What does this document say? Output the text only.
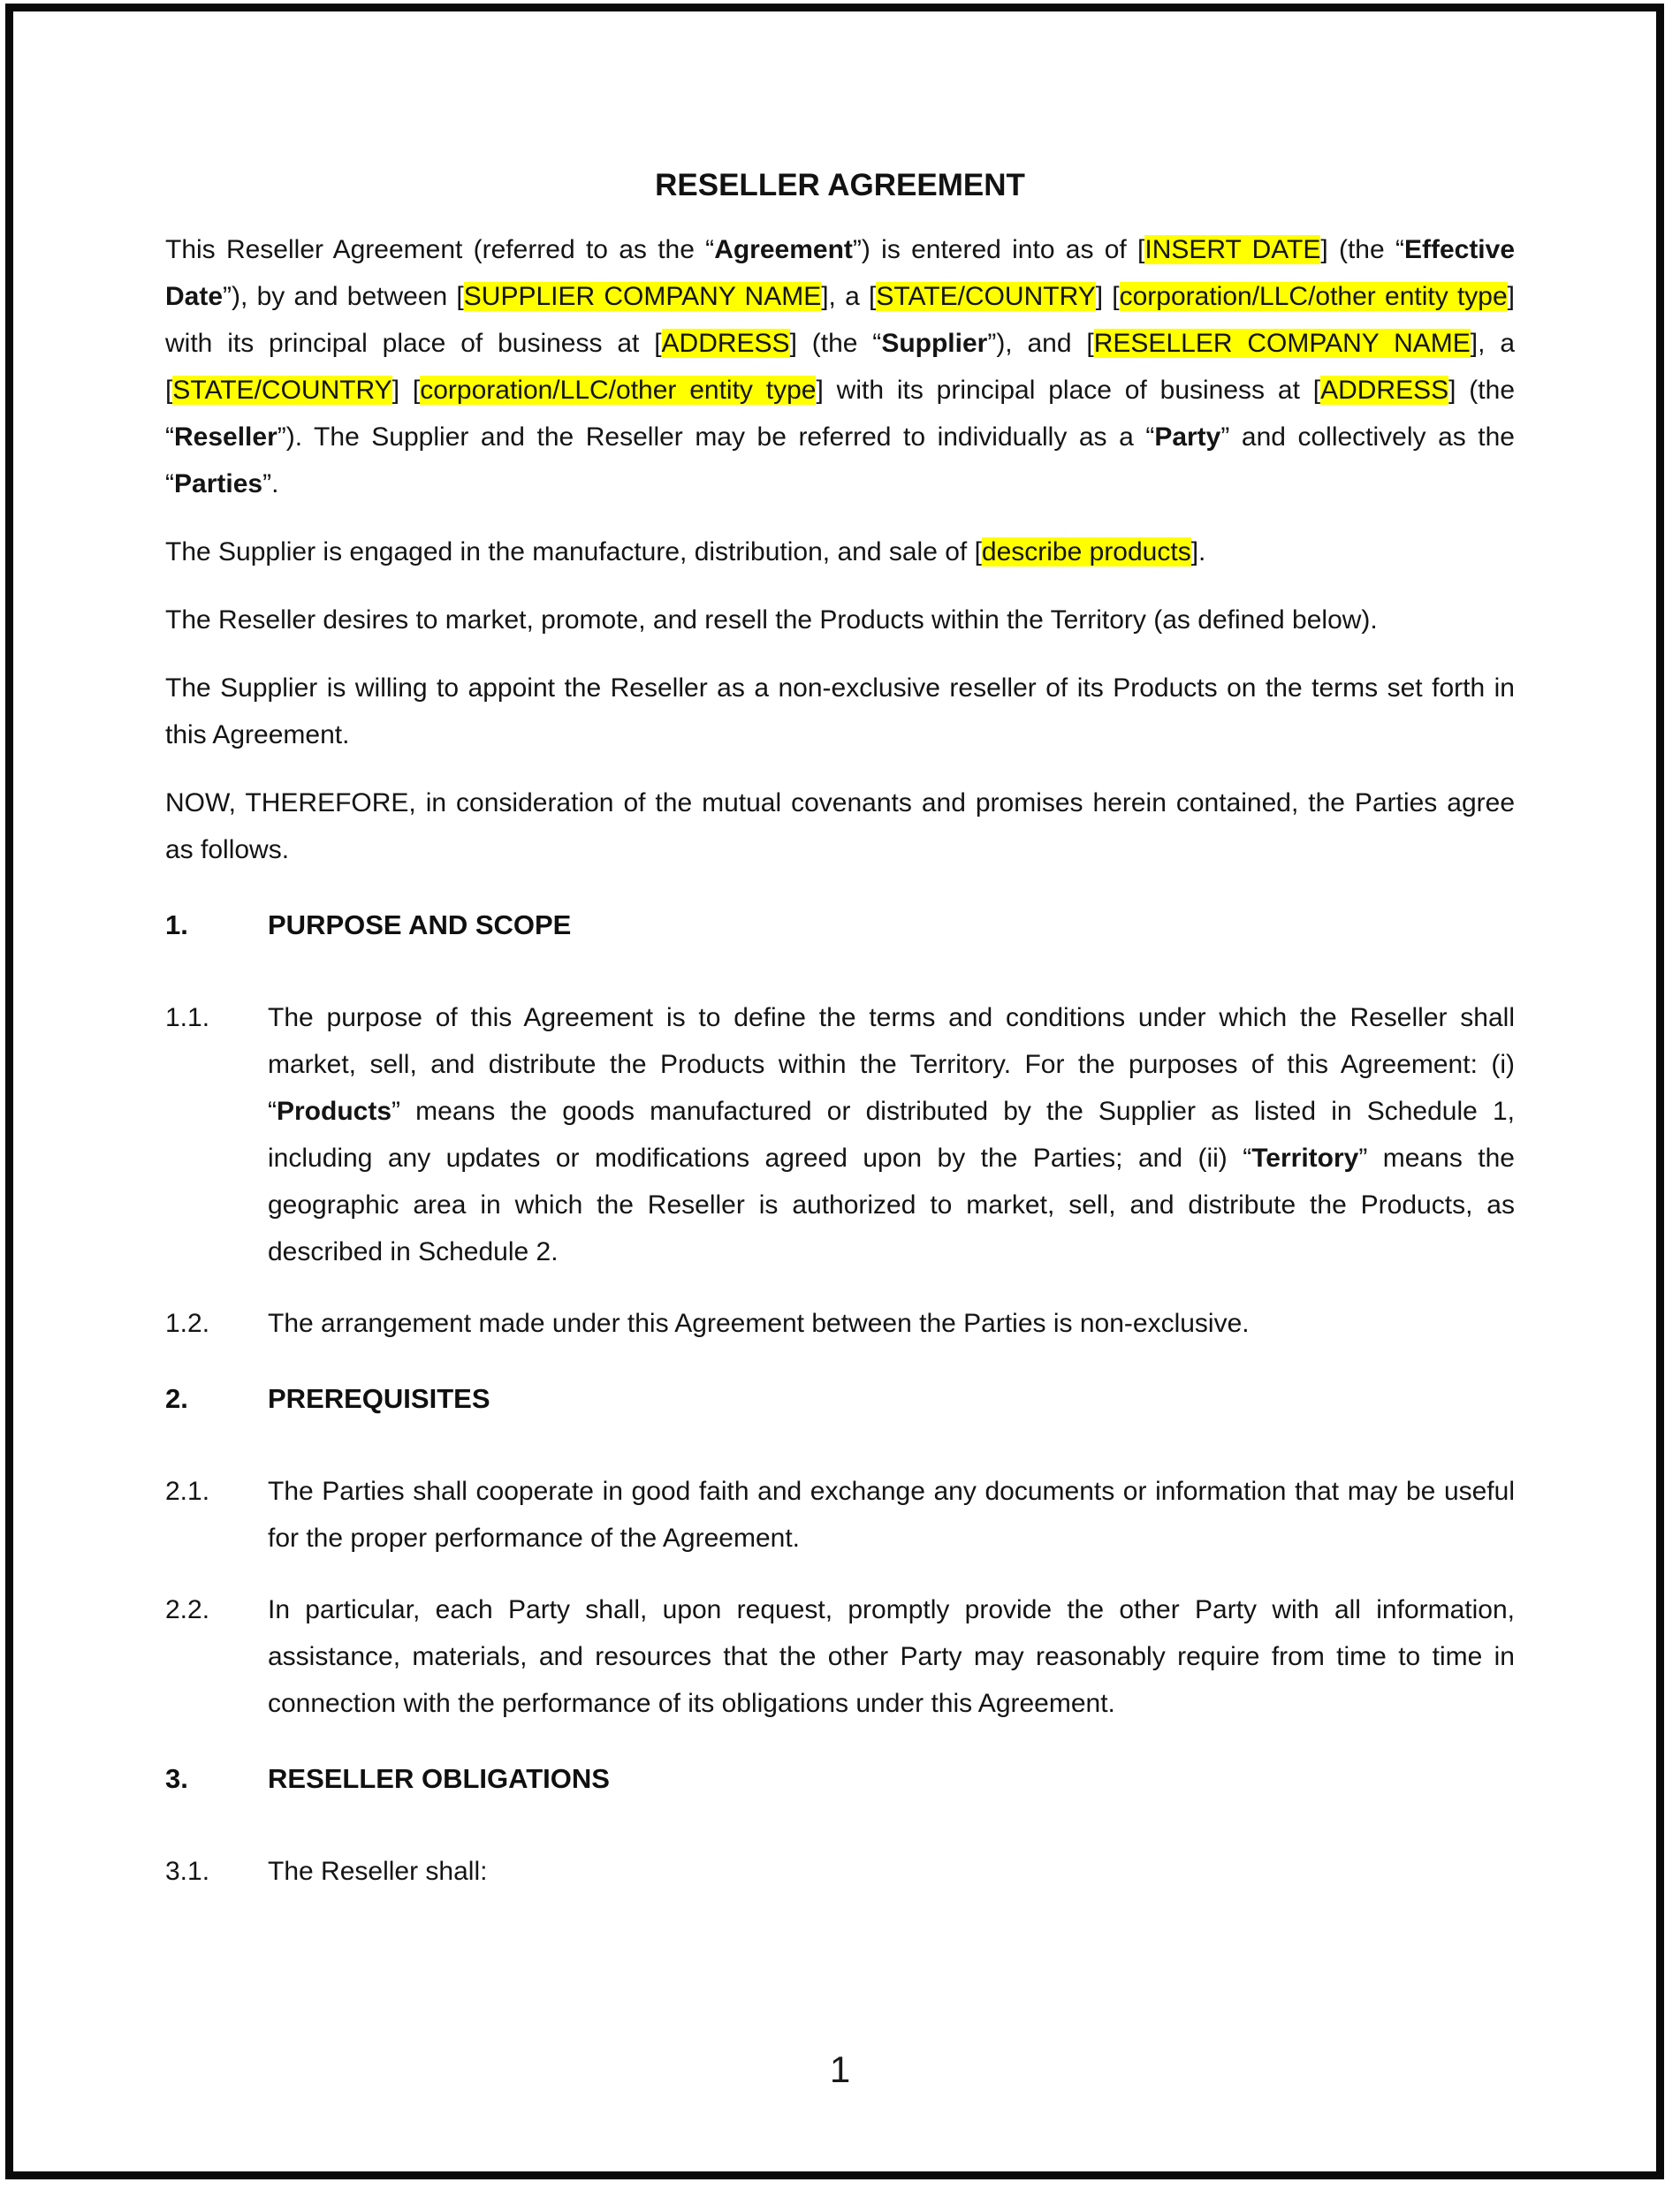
RESELLER AGREEMENT
This Reseller Agreement (referred to as the “Agreement”) is entered into as of [INSERT DATE] (the “Effective Date”), by and between [SUPPLIER COMPANY NAME], a [STATE/COUNTRY] [corporation/LLC/other entity type] with its principal place of business at [ADDRESS] (the “Supplier”), and [RESELLER COMPANY NAME], a [STATE/COUNTRY] [corporation/LLC/other entity type] with its principal place of business at [ADDRESS] (the “Reseller”). The Supplier and the Reseller may be referred to individually as a “Party” and collectively as the “Parties”.
The Supplier is engaged in the manufacture, distribution, and sale of [describe products].
The Reseller desires to market, promote, and resell the Products within the Territory (as defined below).
The Supplier is willing to appoint the Reseller as a non-exclusive reseller of its Products on the terms set forth in this Agreement.
NOW, THEREFORE, in consideration of the mutual covenants and promises herein contained, the Parties agree as follows.
1.	PURPOSE AND SCOPE
1.1.	The purpose of this Agreement is to define the terms and conditions under which the Reseller shall market, sell, and distribute the Products within the Territory. For the purposes of this Agreement: (i) “Products” means the goods manufactured or distributed by the Supplier as listed in Schedule 1, including any updates or modifications agreed upon by the Parties; and (ii) “Territory” means the geographic area in which the Reseller is authorized to market, sell, and distribute the Products, as described in Schedule 2.
1.2.	The arrangement made under this Agreement between the Parties is non-exclusive.
2.	PREREQUISITES
2.1.	The Parties shall cooperate in good faith and exchange any documents or information that may be useful for the proper performance of the Agreement.
2.2.	In particular, each Party shall, upon request, promptly provide the other Party with all information, assistance, materials, and resources that the other Party may reasonably require from time to time in connection with the performance of its obligations under this Agreement.
3.	RESELLER OBLIGATIONS
3.1.	The Reseller shall:
1
